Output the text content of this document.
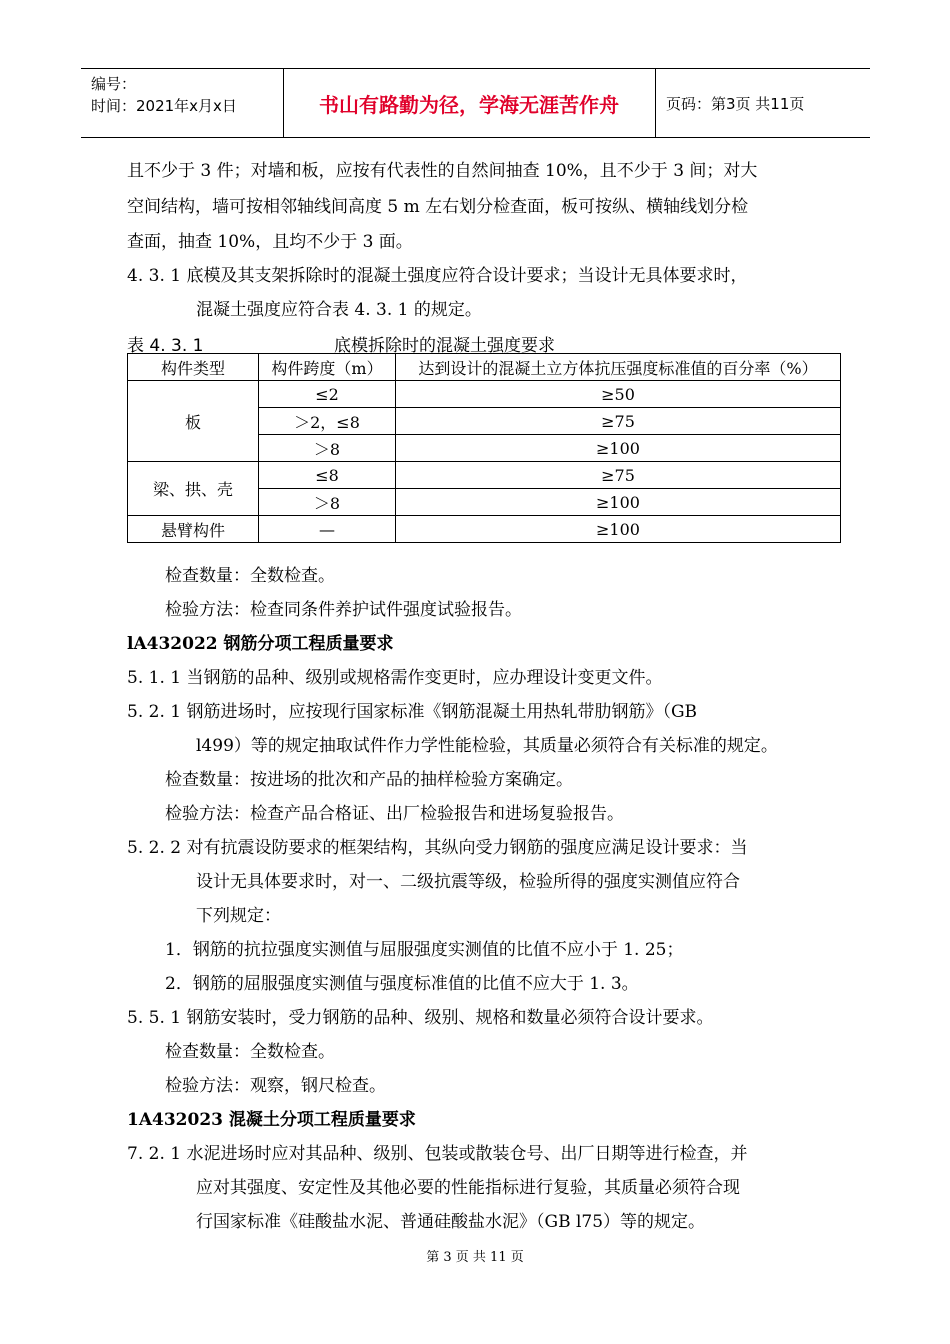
编号：
时间：2021年x月x日	书山有路勤为径，学海无涯苦作舟	页码：第3页 共11页
且不少于 3 件；对墙和板，应按有代表性的自然间抽查 10%，且不少于 3 间；对大
空间结构，墙可按相邻轴线间高度 5 m 左右划分检查面，板可按纵、横轴线划分检
查面，抽查 10%，且均不少于 3 面。
4. 3. 1 底模及其支架拆除时的混凝土强度应符合设计要求；当设计无具体要求时，
混凝土强度应符合表 4. 3. 1 的规定。
表 4. 3. 1	底模拆除时的混凝土强度要求
构件类型	构件跨度（m）	达到设计的混凝土立方体抗压强度标准值的百分率（%）
板	≤2	≥50
	＞2，≤8	≥75
	＞8	≥100
梁、拱、壳	≤8	≥75
	＞8	≥100
悬臂构件	—	≥100
检查数量：全数检查。
检验方法：检查同条件养护试件强度试验报告。
lA432022 钢筋分项工程质量要求
5. 1. 1 当钢筋的品种、级别或规格需作变更时，应办理设计变更文件。
5. 2. 1 钢筋进场时，应按现行国家标准《钢筋混凝土用热轧带肋钢筋》（GB
l499）等的规定抽取试件作力学性能检验，其质量必须符合有关标准的规定。
检查数量：按进场的批次和产品的抽样检验方案确定。
检验方法：检查产品合格证、出厂检验报告和进场复验报告。
5. 2. 2 对有抗震设防要求的框架结构，其纵向受力钢筋的强度应满足设计要求：当
设计无具体要求时，对一、二级抗震等级，检验所得的强度实测值应符合
下列规定：
1．钢筋的抗拉强度实测值与屈服强度实测值的比值不应小于 1. 25；
2．钢筋的屈服强度实测值与强度标准值的比值不应大于 1. 3。
5. 5. 1 钢筋安装时，受力钢筋的品种、级别、规格和数量必须符合设计要求。
检查数量：全数检查。
检验方法：观察，钢尺检查。
1A432023 混凝土分项工程质量要求
7. 2. 1 水泥进场时应对其品种、级别、包装或散装仓号、出厂日期等进行检查，并
应对其强度、安定性及其他必要的性能指标进行复验，其质量必须符合现
行国家标准《硅酸盐水泥、普通硅酸盐水泥》（GB l75）等的规定。
第 3 页 共 11 页
